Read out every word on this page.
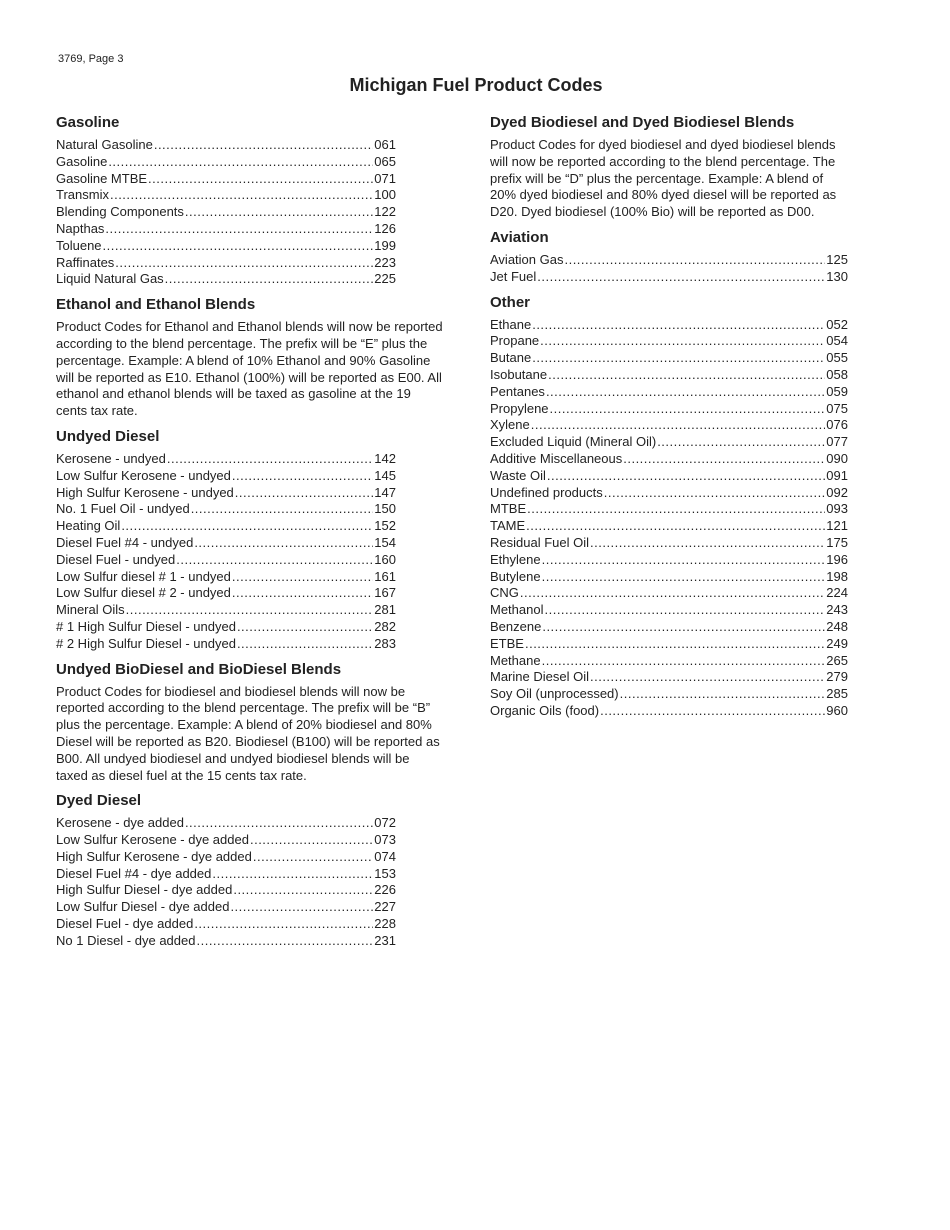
3769, Page 3
Michigan Fuel Product Codes
Gasoline
Natural Gasoline .....	061
Gasoline .....	065
Gasoline MTBE .....	071
Transmix .....	100
Blending Components .....	122
Napthas .....	126
Toluene .....	199
Raffinates .....	223
Liquid Natural Gas .....	225
Ethanol and Ethanol Blends

Product Codes for Ethanol and Ethanol blends will now be reported according to the blend percentage. The prefix will be “E” plus the percentage. Example: A blend of 10% Ethanol and 90% Gasoline will be reported as E10. Ethanol (100%) will be reported as E00. All ethanol and ethanol blends will be taxed as gasoline at the 19 cents tax rate.

Undyed Diesel
Kerosene - undyed .....	142
Low Sulfur Kerosene - undyed .....	145
High Sulfur Kerosene - undyed .....	147
No. 1 Fuel Oil - undyed .....	150
Heating Oil .....	152
Diesel Fuel #4 - undyed .....	154
Diesel Fuel - undyed .....	160
Low Sulfur diesel # 1 - undyed .....	161
Low Sulfur diesel # 2 - undyed .....	167
Mineral Oils .....	281
# 1 High Sulfur Diesel - undyed .....	282
# 2 High Sulfur Diesel - undyed .....	283
Undyed BioDiesel and BioDiesel Blends

Product Codes for biodiesel and biodiesel blends will now be reported according to the blend percentage. The prefix will be “B” plus the percentage. Example: A blend of 20% biodiesel and 80% Diesel will be reported as B20. Biodiesel (B100) will be reported as B00. All undyed biodiesel and undyed biodiesel blends will be taxed as diesel fuel at the 15 cents tax rate.

Dyed Diesel
Kerosene - dye added .....	072
Low Sulfur Kerosene - dye added .....	073
High Sulfur Kerosene - dye added .....	074
Diesel Fuel #4 - dye added .....	153
High Sulfur Diesel - dye added .....	226
Low Sulfur Diesel - dye added .....	227
Diesel Fuel - dye added .....	228
No 1 Diesel - dye added .....	231
Dyed Biodiesel and Dyed Biodiesel Blends

Product Codes for dyed biodiesel and dyed biodiesel blends will now be reported according to the blend percentage. The prefix will be “D” plus the percentage. Example: A blend of 20% dyed biodiesel and 80% dyed diesel will be reported as D20. Dyed biodiesel (100% Bio) will be reported as D00.

Aviation
Aviation Gas .....	125
Jet Fuel .....	130
Other
Ethane .....	052
Propane .....	054
Butane .....	055
Isobutane .....	058
Pentanes .....	059
Propylene .....	075
Xylene .....	076
Excluded Liquid (Mineral Oil) .....	077
Additive Miscellaneous .....	090
Waste Oil .....	091
Undefined products .....	092
MTBE .....	093
TAME .....	121
Residual Fuel Oil .....	175
Ethylene .....	196
Butylene .....	198
CNG .....	224
Methanol .....	243
Benzene .....	248
ETBE .....	249
Methane .....	265
Marine Diesel Oil .....	279
Soy Oil (unprocessed) .....	285
Organic Oils (food) .....	960
